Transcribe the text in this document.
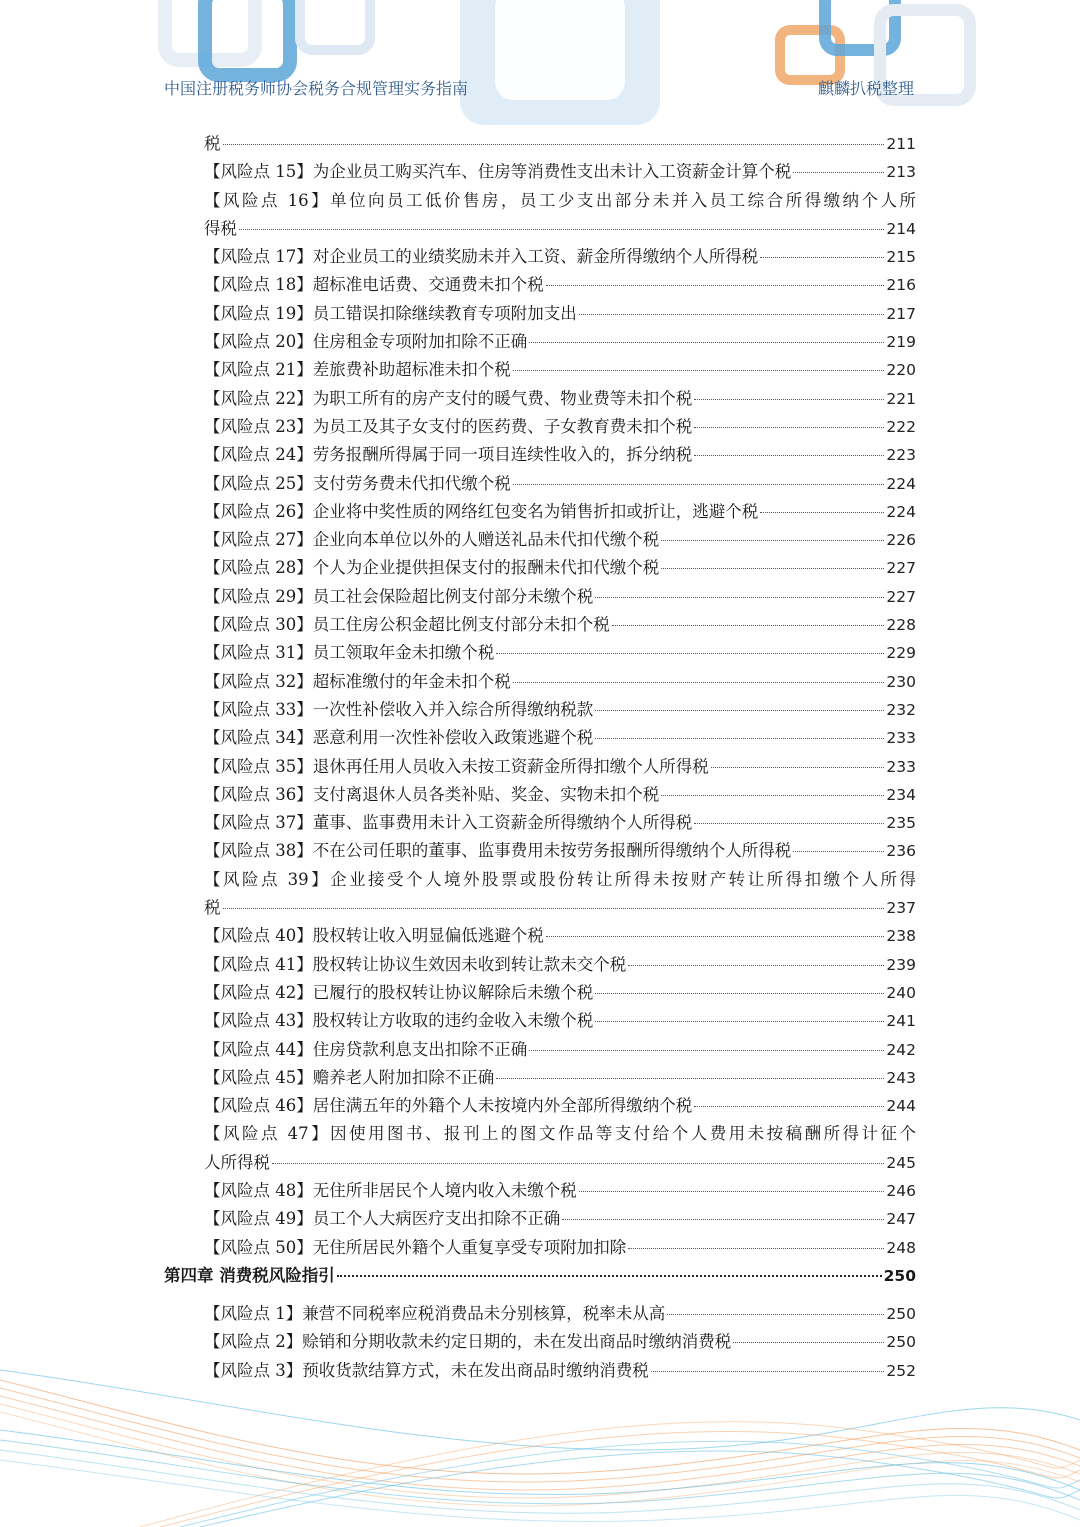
中国注册税务师协会税务合规管理实务指南	麒麟扒税整理
税	211
【风险点 15】为企业员工购买汽车、住房等消费性支出未计入工资薪金计算个税	213
【风险点 16】单位向员工低价售房，员工少支出部分未并入员工综合所得缴纳个人所
得税	214
【风险点 17】对企业员工的业绩奖励未并入工资、薪金所得缴纳个人所得税	215
【风险点 18】超标准电话费、交通费未扣个税	216
【风险点 19】员工错误扣除继续教育专项附加支出	217
【风险点 20】住房租金专项附加扣除不正确	219
【风险点 21】差旅费补助超标准未扣个税	220
【风险点 22】为职工所有的房产支付的暖气费、物业费等未扣个税	221
【风险点 23】为员工及其子女支付的医药费、子女教育费未扣个税	222
【风险点 24】劳务报酬所得属于同一项目连续性收入的，拆分纳税	223
【风险点 25】支付劳务费未代扣代缴个税	224
【风险点 26】企业将中奖性质的网络红包变名为销售折扣或折让，逃避个税	224
【风险点 27】企业向本单位以外的人赠送礼品未代扣代缴个税	226
【风险点 28】个人为企业提供担保支付的报酬未代扣代缴个税	227
【风险点 29】员工社会保险超比例支付部分未缴个税	227
【风险点 30】员工住房公积金超比例支付部分未扣个税	228
【风险点 31】员工领取年金未扣缴个税	229
【风险点 32】超标准缴付的年金未扣个税	230
【风险点 33】一次性补偿收入并入综合所得缴纳税款	232
【风险点 34】恶意利用一次性补偿收入政策逃避个税	233
【风险点 35】退休再任用人员收入未按工资薪金所得扣缴个人所得税	233
【风险点 36】支付离退休人员各类补贴、奖金、实物未扣个税	234
【风险点 37】董事、监事费用未计入工资薪金所得缴纳个人所得税	235
【风险点 38】不在公司任职的董事、监事费用未按劳务报酬所得缴纳个人所得税	236
【风险点 39】企业接受个人境外股票或股份转让所得未按财产转让所得扣缴个人所得
税	237
【风险点 40】股权转让收入明显偏低逃避个税	238
【风险点 41】股权转让协议生效因未收到转让款未交个税	239
【风险点 42】已履行的股权转让协议解除后未缴个税	240
【风险点 43】股权转让方收取的违约金收入未缴个税	241
【风险点 44】住房贷款利息支出扣除不正确	242
【风险点 45】赡养老人附加扣除不正确	243
【风险点 46】居住满五年的外籍个人未按境内外全部所得缴纳个税	244
【风险点 47】因使用图书、报刊上的图文作品等支付给个人费用未按稿酬所得计征个
人所得税	245
【风险点 48】无住所非居民个人境内收入未缴个税	246
【风险点 49】员工个人大病医疗支出扣除不正确	247
【风险点 50】无住所居民外籍个人重复享受专项附加扣除	248
第四章 消费税风险指引	250
【风险点 1】兼营不同税率应税消费品未分别核算，税率未从高	250
【风险点 2】赊销和分期收款未约定日期的，未在发出商品时缴纳消费税	250
【风险点 3】预收货款结算方式，未在发出商品时缴纳消费税	252
